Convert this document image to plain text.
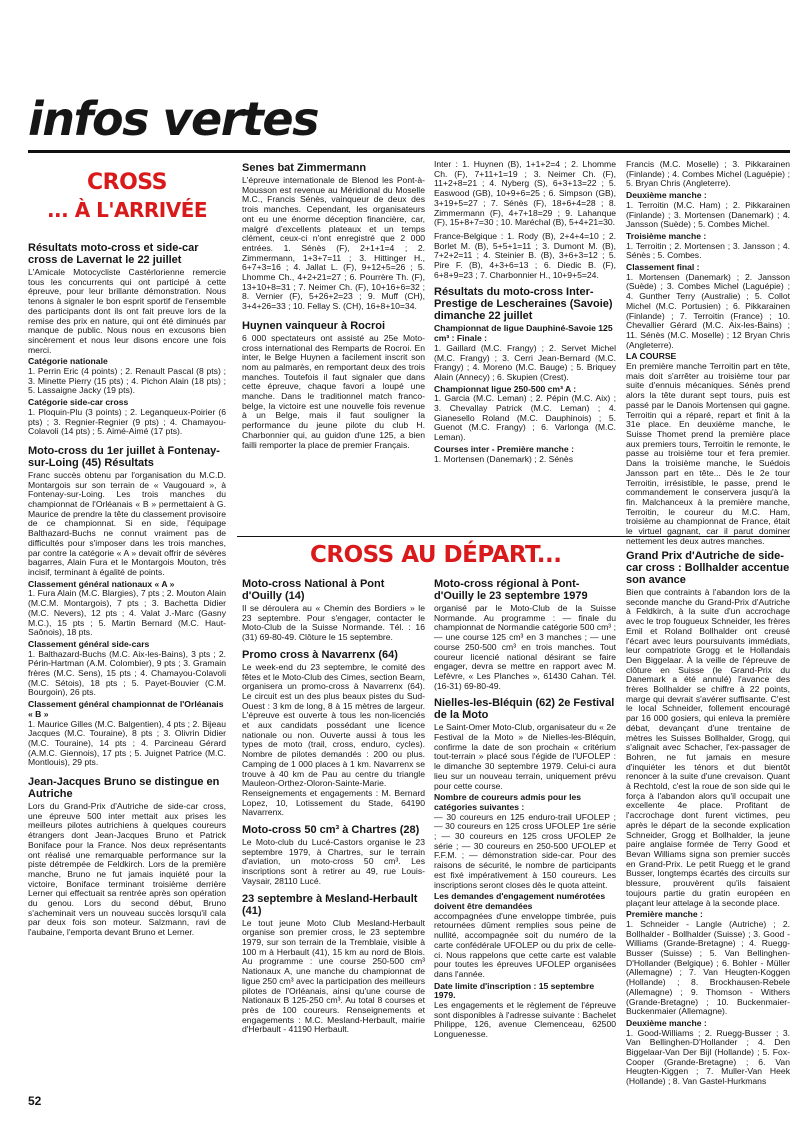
infos vertes

CROSS

... À L'ARRIVÉE

Résultats moto-cross et side-car cross de Lavernat le 22 juillet

L'Amicale Motocycliste Castérlorienne remercie tous les concurrents qui ont participé à cette épreuve, pour leur brillante démonstration. Nous tenons à signaler le bon esprit sportif de l'ensemble des participants dont ils ont fait preuve lors de la remise des prix en nature, qui ont été diminués par manque de public. Nous nous en excusons bien sincèrement et nous leur disons encore une fois merci.

Catégorie nationale

1. Perrin Eric (4 points) ; 2. Renault Pascal (8 pts) ; 3. Minette Pierry (15 pts) ; 4. Pichon Alain (18 pts) ; 5. Lassaigne Jacky (19 pts).

Catégorie side-car cross

1. Ploquin-Plu (3 points) ; 2. Leganqueux-Poirier (6 pts) ; 3. Regnier-Regnier (9 pts) ; 4. Chamayou-Colavoli (14 pts) ; 5. Aimé-Aimé (17 pts).

Moto-cross du 1er juillet à Fontenay-sur-Loing (45) Résultats

Franc succès obtenu par l'organisation du M.C.D. Montargois sur son terrain de « Vaugouard », à Fontenay-sur-Loing. Les trois manches du championnat de l'Orléanais « B » permettaient à G. Maurice de prendre la tête du classement provisoire de ce championnat. Si en side, l'équipage Balthazard-Buchs ne connut vraiment pas de difficultés pour s'imposer dans les trois manches, par contre la catégorie « A » devait offrir de sévères bagarres, Alain Fura et le Montargois Mouton, très incisif, terminant à égalité de points.

Classement général nationaux « A »

1. Fura Alain (M.C. Blargies), 7 pts ; 2. Mouton Alain (M.C.M. Montargois), 7 pts ; 3. Bachetta Didier (M.C. Nevers), 12 pts ; 4. Valat J.-Marc (Gasny M.C.), 15 pts ; 5. Martin Bernard (M.C. Haut-Saônois), 18 pts.

Classement général side-cars

1. Balthazard-Buchs (M.C. Aix-les-Bains), 3 pts ; 2. Périn-Hartman (A.M. Colombier), 9 pts ; 3. Gramain frères (M.C. Sens), 15 pts ; 4. Chamayou-Colavoli (M.C. Sétois), 18 pts ; 5. Payet-Bouvier (C.M. Bourgoin), 26 pts.

Classement général championnat de l'Orléanais « B »

1. Maurice Gilles (M.C. Balgentien), 4 pts ; 2. Bijeau Jacques (M.C. Touraine), 8 pts ; 3. Olivrin Didier (M.C. Touraine), 14 pts ; 4. Parcineau Gérard (A.M.C. Giennois), 17 pts ; 5. Juignet Patrice (M.C. Montlouis), 29 pts.

Jean-Jacques Bruno se distingue en Autriche

Lors du Grand-Prix d'Autriche de side-car cross, une épreuve 500 inter mettait aux prises les meilleurs pilotes autrichiens à quelques coureurs étrangers dont Jean-Jacques Bruno et Patrick Boniface pour la France. Nos deux représentants ont réalisé une remarquable performance sur la piste détrempée de Feldkirch. Lors de la première manche, Bruno ne fut jamais inquiété pour la victoire, Boniface terminant troisième derrière Lerner qui effectuait sa rentrée après son opération du genou. Lors du second début, Bruno s'acheminait vers un nouveau succès lorsqu'il cala par deux fois son moteur. Salzmann, ravi de l'aubaine, l'emporta devant Bruno et Lerner.

Senes bat Zimmermann

L'épreuve internationale de Blenod les Pont-à-Mousson est revenue au Méridional du Moselle M.C., Francis Sénès, vainqueur de deux des trois manches. Cependant, les organisateurs ont eu une énorme déception financière, car, malgré d'excellents plateaux et un temps clément, ceux-ci n'ont enregistré que 2 000 entrées. 1. Sénès (F), 2+1+1=4 ; 2. Zimmermann, 1+3+7=11 ; 3. Hittinger H., 6+7+3=16 ; 4. Jallat L. (F), 9+12+5=26 ; 5. Lhomme Ch., 4+2+21=27 ; 6. Pourrère Th. (F), 13+10+8=31 ; 7. Neimer Ch. (F), 10+16+6=32 ; 8. Vernier (F), 5+26+2=23 ; 9. Muff (CH), 3+4+26=33 ; 10. Fellay S. (CH), 16+8+10=34.

Huynen vainqueur à Rocroi

6 000 spectateurs ont assisté au 25e Moto-cross international des Remparts de Rocroi. En inter, le Belge Huynen a facilement inscrit son nom au palmarès, en remportant deux des trois manches. Toutefois il faut signaler que dans cette épreuve, chaque favori a loupé une manche. Dans le traditionnel match franco-belge, la victoire est une nouvelle fois revenue à un Belge, mais il faut souligner la performance du jeune pilote du club H. Charbonnier qui, au guidon d'une 125, a bien failli remporter la place de premier Français.

Inter : 1. Huynen (B), 1+1+2=4 ; 2. Lhomme Ch. (F), 7+11+1=19 ; 3. Neimer Ch. (F), 11+2+8=21 ; 4. Nyberg (S), 6+3+13=22 ; 5. Easwood (GB), 10+9+6=25 ; 6. Simpson (GB), 3+19+5=27 ; 7. Sénès (F), 18+6+4=28 ; 8. Zimmermann (F), 4+7+18=29 ; 9. Lahanque (F), 15+8+7=30 ; 10. Maréchal (B), 5+4+21=30.

France-Belgique : 1. Rody (B), 2+4+4=10 ; 2. Borlet M. (B), 5+5+1=11 ; 3. Dumont M. (B), 7+2+2=11 ; 4. Steinier B. (B), 3+6+3=12 ; 5. Pire F. (B), 4+3+6=13 ; 6. Diedic B. (F), 6+8+9=23 ; 7. Charbonnier H., 10+9+5=24.

Résultats du moto-cross Inter-Prestige de Lescheraines (Savoie) dimanche 22 juillet
Championnat de ligue Dauphiné-Savoie 125 cm³ : Finale :

1. Gaillard (M.C. Frangy) ; 2. Servet Michel (M.C. Frangy) ; 3. Cerri Jean-Bernard (M.C. Frangy) ; 4. Moreno (M.C. Bauge) ; 5. Briquey Alain (Annecy) ; 6. Skupien (Crest).

Championnat ligue 250-500 cm³ A :

1. Garcia (M.C. Leman) ; 2. Pépin (M.C. Aix) ; 3. Chevallay Patrick (M.C. Leman) ; 4. Gianesello Roland (M.C. Dauphinois) ; 5. Guenot (M.C. Frangy) ; 6. Varlonga (M.C. Leman).

Courses inter - Première manche :

1. Mortensen (Danemark) ; 2. Sénès

Francis (M.C. Moselle) ; 3. Pikkarainen (Finlande) ; 4. Combes Michel (Laguépie) ; 5. Bryan Chris (Angleterre).

Deuxième manche :

1. Terroitin (M.C. Ham) ; 2. Pikkarainen (Finlande) ; 3. Mortensen (Danemark) ; 4. Jansson (Suède) ; 5. Combes Michel.

Troisième manche :

1. Terroitin ; 2. Mortensen ; 3. Jansson ; 4. Sénès ; 5. Combes.

Classement final :

1. Mortensen (Danemark) ; 2. Jansson (Suède) ; 3. Combes Michel (Laguépie) ; 4. Gunther Terry (Australie) ; 5. Collot Michel (M.C. Portusien) ; 6. Pikkarainen (Finlande) ; 7. Terroitin (France) ; 10. Chevallier Gérard (M.C. Aix-les-Bains) ; 11. Sénès (M.C. Moselle) ; 12 Bryan Chris (Angleterre).

LA COURSE

En première manche Terroitin part en tête, mais doit s'arrêter au troisième tour par suite d'ennuis mécaniques. Sénès prend alors la tête durant sept tours, puis est passé par le Danois Mortensen qui gagne. Terroitin qui a réparé, repart et finit à la 31e place. En deuxième manche, le Suisse Thomet prend la première place aux premiers tours, Terroitin le remonte, le passe au troisième tour et fera premier. Dans la troisième manche, le Suédois Jansson part en tête... Dès le 2e tour Terroitin, irrésistible, le passe, prend le commandement le conservera jusqu'à la fin. Malchanceux à la première manche, Terroitin, le coureur du M.C. Ham, troisième au championnat de France, était le virtuel gagnant, car il parut dominer nettement les deux autres manches.

CROSS AU DÉPART...
Moto-cross National à Pont d'Ouilly (14)

Il se déroulera au « Chemin des Bordiers » le 23 septembre. Pour s'engager, contacter le Moto-Club de la Suisse Normande. Tél. : 16 (31) 69-80-49. Clôture le 15 septembre.

Promo cross à Navarrenx (64)

Le week-end du 23 septembre, le comité des fêtes et le Moto-Club des Cimes, section Bearn, organisera un promo-cross à Navarrenx (64). Le circuit est un des plus beaux pistes du Sud-Ouest : 3 km de long, 8 à 15 mètres de largeur. L'épreuve est ouverte à tous les non-licenciés et aux candidats possédant une licence nationale ou non. Ouverte aussi à tous les types de moto (trail, cross, enduro, cycles). Nombre de pilotes demandés : 200 ou plus. Camping de 1 000 places à 1 km. Navarrenx se trouve à 40 km de Pau au centre du triangle Mauleon-Orthez-Oloron-Sainte-Marie. Renseignements et engagements : M. Bernard Lopez, 10, Lotissement du Stade, 64190 Navarrenx.

Moto-cross 50 cm³ à Chartres (28)

Le Moto-club du Lucé-Castors organise le 23 septembre 1979, à Chartres, sur le terrain d'aviation, un moto-cross 50 cm³. Les inscriptions sont à retirer au 49, rue Louis-Vaysair, 28110 Lucé.

23 septembre à Mesland-Herbault (41)

Le tout jeune Moto Club Mesland-Herbault organise son premier cross, le 23 septembre 1979, sur son terrain de la Tremblaie, visible à 100 m à Herbault (41), 15 km au nord de Blois. Au programme : une course 250-500 cm³ Nationaux A, une manche du championnat de ligue 250 cm³ avec la participation des meilleurs pilotes de l'Orléanais, ainsi qu'une course de Nationaux B 125-250 cm³. Au total 8 courses et près de 100 coureurs. Renseignements et engagements : M.C. Mesland-Herbault, mairie d'Herbault - 41190 Herbault.

Moto-cross régional à Pont-d'Ouilly le 23 septembre 1979

organisé par le Moto-Club de la Suisse Normande. Au programme : — finale du championnat de Normandie catégorie 500 cm³ ; — une course 125 cm³ en 3 manches ; — une course 250-500 cm³ en trois manches. Tout coureur licencié national désirant se faire engager, devra se mettre en rapport avec M. Lefèvre, « Les Planches », 61430 Cahan. Tél. (16-31) 69-80-49.

Nielles-les-Bléquin (62) 2e Festival de la Moto

Le Saint-Omer Moto-Club, organisateur du « 2e Festival de la Moto » de Nielles-les-Bléquin, confirme la date de son prochain « critérium tout-terrain » placé sous l'égide de l'UFOLEP : le dimanche 30 septembre 1979. Celui-ci aura lieu sur un nouveau terrain, uniquement prévu pour cette course.

Nombre de coureurs admis pour les catégories suivantes :

— 30 coureurs en 125 enduro-trail UFOLEP ; — 30 coureurs en 125 cross UFOLEP 1re série ; — 30 coureurs en 125 cross UFOLEP 2e série ; — 30 coureurs en 250-500 UFOLEP et F.F.M. ; — démonstration side-car. Pour des raisons de sécurité, le nombre de participants est fixé impérativement à 150 coureurs. Les inscriptions seront closes dès le quota atteint.

Les demandes d'engagement numérotées doivent être demandées

accompagnées d'une enveloppe timbrée, puis retournées dûment remplies sous peine de nullité, accompagnée soit du numéro de la carte confédérale UFOLEP ou du prix de celle-ci. Nous rappelons que cette carte est valable pour toutes les épreuves UFOLEP organisées dans l'année.

Date limite d'inscription : 15 septembre 1979.

Les engagements et le règlement de l'épreuve sont disponibles à l'adresse suivante : Bachelet Philippe, 126, avenue Clemenceau, 62500 Longuenesse.

Grand Prix d'Autriche de side-car cross : Bollhalder accentue son avance

Bien que contraints à l'abandon lors de la seconde manche du Grand-Prix d'Autriche à Feldkirch, à la suite d'un accrochage avec le trop fougueux Schneider, les frères Emil et Roland Bollhalder ont creusé l'écart avec leurs poursuivants immédiats, leur compatriote Grogg et le Hollandais Den Biggelaar. À la veille de l'épreuve de clôture en Suisse (le Grand-Prix du Danemark a été annulé) l'avance des frères Bollhalder se chiffre à 22 points, marge qui devrait s'avérer suffisante. C'est le local Schneider, follement encouragé par 16 000 gosiers, qui enleva la première débat, devançant d'une trentaine de mètres les Suisses Bollhalder, Grogg, qui s'alignait avec Schacher, l'ex-passager de Bohren, ne fut jamais en mesure d'inquiéter les ténors et dut bientôt renoncer à la suite d'une crevaison. Quant à Rechtold, c'est la roue de son side qui le força à l'abandon alors qu'il occupait une excellente 4e place. Profitant de l'accrochage dont furent victimes, peu après le départ de la seconde explication Schneider, Grogg et Bollhalder, la jeune paire anglaise formée de Terry Good et Bevan Williams signa son premier succès en Grand-Prix. Le petit Ruegg et le grand Busser, longtemps écartés des circuits sur blessure, prouvèrent qu'ils faisaient toujours partie du gratin européen en plaçant leur attelage à la seconde place.

Première manche :

1. Schneider - Langle (Autriche) ; 2. Bollhalder - Bollhalder (Suisse) ; 3. Good - Williams (Grande-Bretagne) ; 4. Ruegg-Busser (Suisse) ; 5. Van Bellinghen-D'Hollander (Belgique) ; 6. Bohler - Müller (Allemagne) ; 7. Van Heugten-Koggen (Hollande) ; 8. Brockhausen-Rebele (Allemagne) ; 9. Thomson - Withers (Grande-Bretagne) ; 10. Buckenmaier-Buckenmaier (Allemagne).

Deuxième manche :

1. Good-Williams ; 2. Ruegg-Busser ; 3. Van Bellinghen-D'Hollander ; 4. Den Biggelaar-Van Der Bijl (Hollande) ; 5. Fox-Cooper (Grande-Bretagne) ; 6. Van Heugten-Kiggen ; 7. Muller-Van Heek (Hollande) ; 8. Van Gastel-Hurkmans

52
